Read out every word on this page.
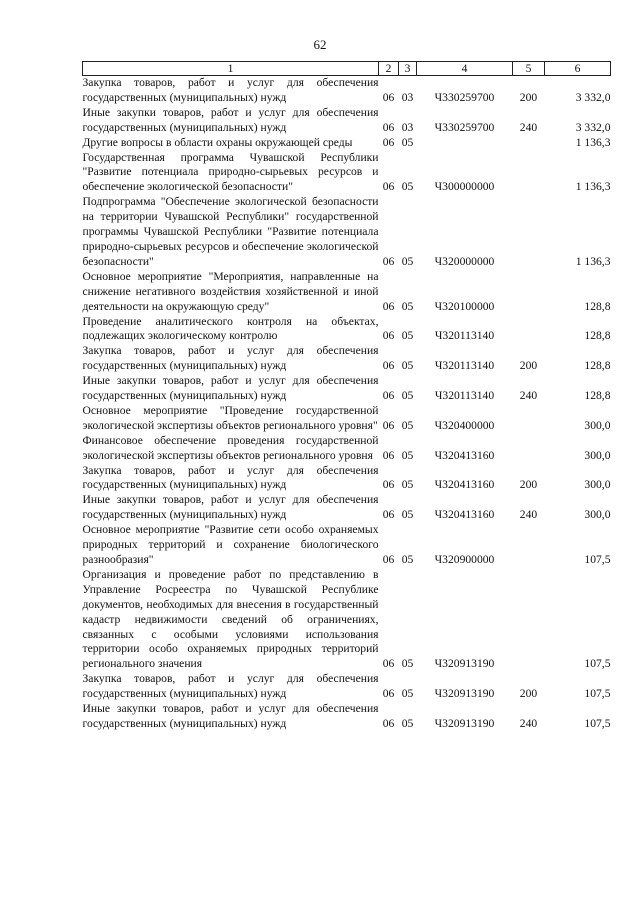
62
1	2	3	4	5	6
Закупка товаров, работ и услуг для обеспечения государственных (муниципальных) нужд	06	03	Ч330259700	200	3 332,0
Иные закупки товаров, работ и услуг для обеспечения государственных (муниципальных) нужд	06	03	Ч330259700	240	3 332,0
Другие вопросы в области охраны окружающей среды	06	05			1 136,3
Государственная программа Чувашской Республики "Развитие потенциала природно-сырьевых ресурсов и обеспечение экологической безопасности"	06	05	Ч300000000		1 136,3
Подпрограмма "Обеспечение экологической безопасности на территории Чувашской Республики" государственной программы Чувашской Республики "Развитие потенциала природно-сырьевых ресурсов и обеспечение экологической безопасности"	06	05	Ч320000000		1 136,3
Основное мероприятие "Мероприятия, направленные на снижение негативного воздействия хозяйственной и иной деятельности на окружающую среду"	06	05	Ч320100000		128,8
Проведение аналитического контроля на объектах, подлежащих экологическому контролю	06	05	Ч320113140		128,8
Закупка товаров, работ и услуг для обеспечения государственных (муниципальных) нужд	06	05	Ч320113140	200	128,8
Иные закупки товаров, работ и услуг для обеспечения государственных (муниципальных) нужд	06	05	Ч320113140	240	128,8
Основное мероприятие "Проведение государственной экологической экспертизы объектов регионального уровня"	06	05	Ч320400000		300,0
Финансовое обеспечение проведения государственной экологической экспертизы объектов регионального уровня	06	05	Ч320413160		300,0
Закупка товаров, работ и услуг для обеспечения государственных (муниципальных) нужд	06	05	Ч320413160	200	300,0
Иные закупки товаров, работ и услуг для обеспечения государственных (муниципальных) нужд	06	05	Ч320413160	240	300,0
Основное мероприятие "Развитие сети особо охраняемых природных территорий и сохранение биологического разнообразия"	06	05	Ч320900000		107,5
Организация и проведение работ по представлению в Управление Росреестра по Чувашской Республике документов, необходимых для внесения в государственный кадастр недвижимости сведений об ограничениях, связанных с особыми условиями использования территории особо охраняемых природных территорий регионального значения	06	05	Ч320913190		107,5
Закупка товаров, работ и услуг для обеспечения государственных (муниципальных) нужд	06	05	Ч320913190	200	107,5
Иные закупки товаров, работ и услуг для обеспечения государственных (муниципальных) нужд	06	05	Ч320913190	240	107,5
